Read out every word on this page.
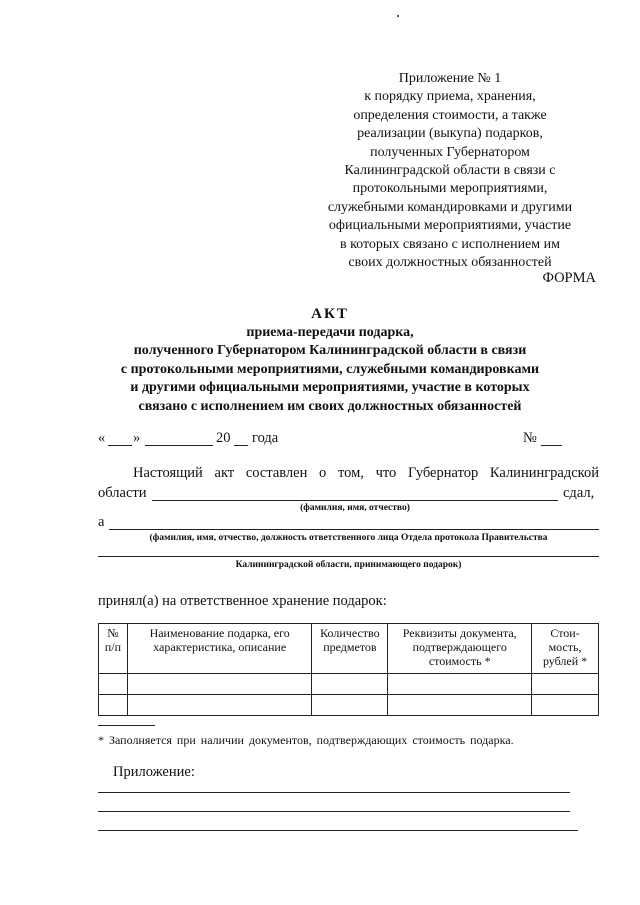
Приложение № 1
к порядку приема, хранения,
определения стоимости, а также
реализации (выкупа) подарков,
полученных Губернатором
Калининградской области в связи с
протокольными мероприятиями,
служебными командировками и другими
официальными мероприятиями, участие
в которых связано с исполнением им
своих должностных обязанностей
ФОРМА
АКТ
приема-передачи подарка,
полученного Губернатором Калининградской области в связи
с протокольными мероприятиями, служебными командировками
и другими официальными мероприятиями, участие в которых
связано с исполнением им своих должностных обязанностей
« »	20 года	№
Настоящий акт составлен о том, что Губернатор Калининградской
области	сдал,
(фамилия, имя, отчество)
а
(фамилия, имя, отчество, должность ответственного лица Отдела протокола Правительства
Калининградской области, принимающего подарок)
принял(а) на ответственное хранение подарок:
№ п/п	Наименование подарка, его характеристика, описание	Количество предметов	Реквизиты документа, подтверждающего стоимость *	Стои-мость, рублей *

* Заполняется при наличии документов, подтверждающих стоимость подарка.
Приложение:
